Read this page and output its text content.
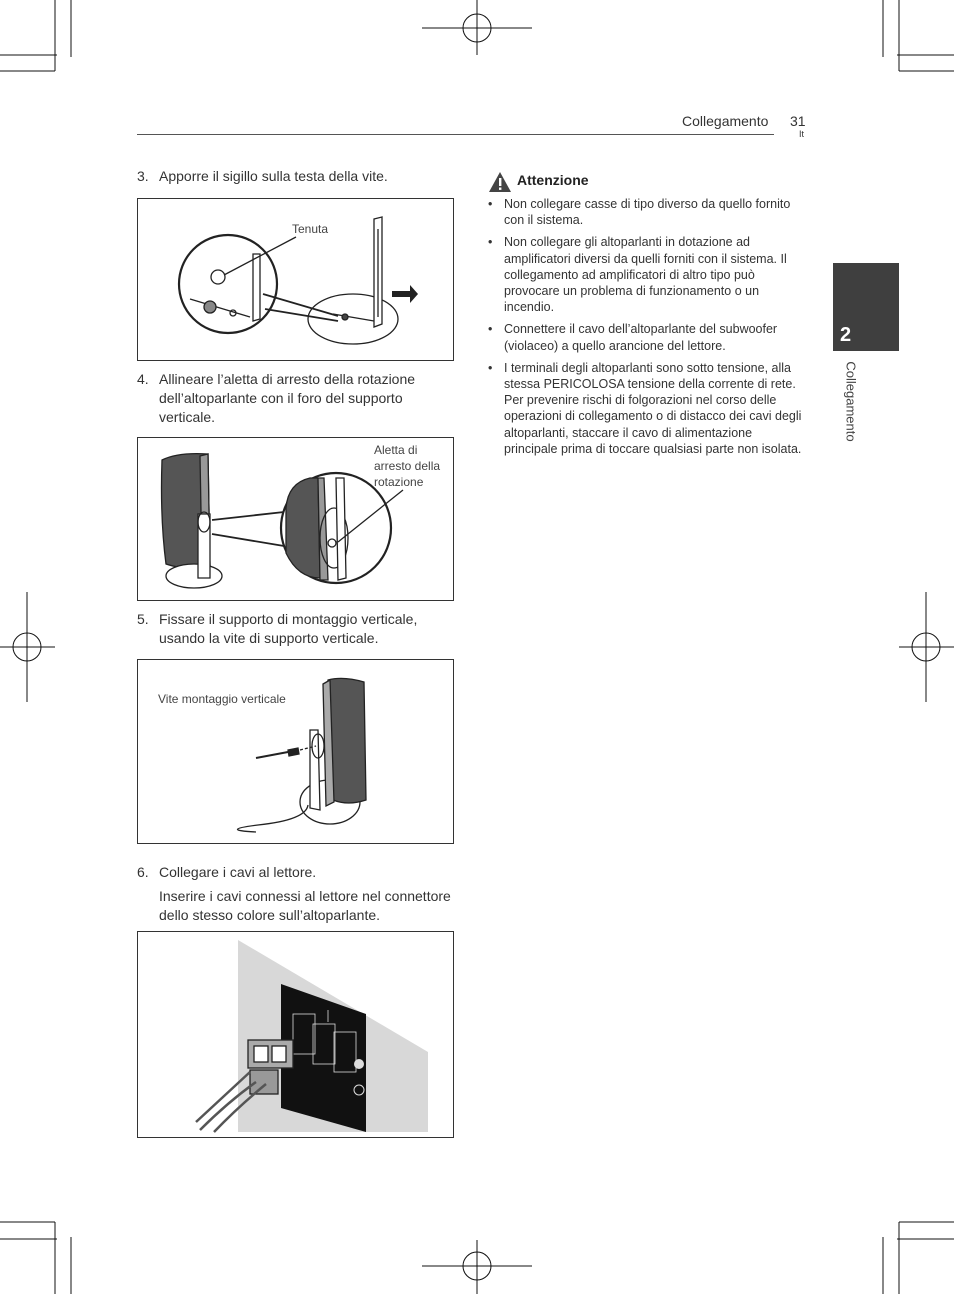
Collegamento 31
It
2
Collegamento
3. Apporre il sigillo sulla testa della vite.
Tenuta
4. Allineare l’aletta di arresto della rotazione dell’altoparlante con il foro del supporto verticale.
Aletta di
arresto della
rotazione
5. Fissare il supporto di montaggio verticale, usando la vite di supporto verticale.
Vite montaggio verticale
6. Collegare i cavi al lettore.
Inserire i cavi connessi al lettore nel connettore dello stesso colore sull’altoparlante.
Attenzione
• Non collegare casse di tipo diverso da quello fornito con il sistema.
• Non collegare gli altoparlanti in dotazione ad amplificatori diversi da quelli forniti con il sistema. Il collegamento ad amplificatori di altro tipo può provocare un problema di funzionamento o un incendio.
• Connettere il cavo dell’altoparlante del subwoofer (violaceo) a quello arancione del lettore.
• I terminali degli altoparlanti sono sotto tensione, alla stessa PERICOLOSA tensione della corrente di rete. Per prevenire rischi di folgorazioni nel corso delle operazioni di collegamento o di distacco dei cavi degli altoparlanti, staccare il cavo di alimentazione principale prima di toccare qualsiasi parte non isolata.
